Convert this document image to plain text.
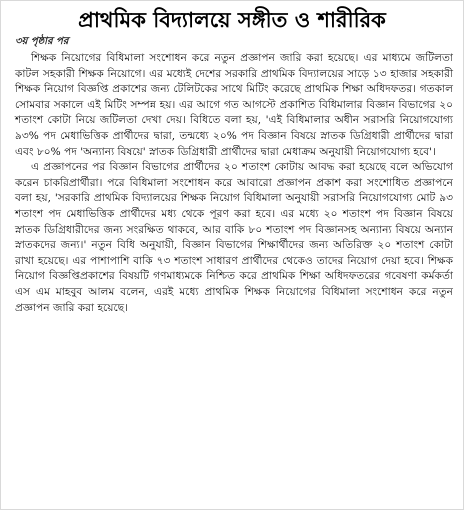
প্রাথমিক বিদ্যালয়ে সঙ্গীত ও শারীরিক
৩য় পৃষ্ঠার পর

শিক্ষক নিয়োগের বিধিমালা সংশোধন করে নতুন প্রজ্ঞাপন জারি করা হয়েছে। এর মাধ্যমে জটিলতা কাটল সহকারী শিক্ষক নিয়োগে। এর মধ্যেই দেশের সরকারি প্রাথমিক বিদ্যালয়ের সাড়ে ১৩ হাজার সহকারী শিক্ষক নিয়োগ বিজ্ঞপ্তি প্রকাশের জন্য টেলিটকের সাথে মিটিং করেছে প্রাথমিক শিক্ষা অধিদফতর। গতকাল সোমবার সকালে এই মিটিং সম্পন্ন হয়। এর আগে গত আগস্টে প্রকাশিত বিধিমালার বিজ্ঞান বিভাগের ২০ শতাংশ কোটা নিয়ে জটিলতা দেখা দেয়। বিধিতে বলা হয়, 'এই বিধিমালার অধীন সরাসরি নিয়োগযোগ্য ৯৩% পদ মেধাভিত্তিক প্রার্থীদের দ্বারা, তন্মধ্যে ২০% পদ বিজ্ঞান বিষয়ে স্নাতক ডিগ্রিধারী প্রার্থীদের দ্বারা এবং ৮০% পদ 'অন্যান্য বিষয়ে' স্নাতক ডিগ্রিধারী প্রার্থীদের দ্বারা মেধাক্রম অনুযায়ী নিয়োগযোগ্য হবে'।

এ প্রজ্ঞাপনের পর বিজ্ঞান বিভাগের প্রার্থীদের ২০ শতাংশ কোটায় আবদ্ধ করা হয়েছে বলে অভিযোগ করেন চাকরিপ্রার্থীরা। পরে বিধিমালা সংশোধন করে আবারো প্রজ্ঞাপন প্রকাশ করা সংশোধিত প্রজ্ঞাপনে বলা হয়, 'সরকারি প্রাথমিক বিদ্যালয়ের শিক্ষক নিয়োগ বিধিমালা অনুযায়ী সরাসরি নিয়োগযোগ্য মোট ৯৩ শতাংশ পদ মেধাভিত্তিক প্রার্থীদের মধ্য থেকে পূরণ করা হবে। এর মধ্যে ২০ শতাংশ পদ বিজ্ঞান বিষয়ে স্নাতক ডিগ্রিধারীদের জন্য সংরক্ষিত থাকবে, আর বাকি ৮০ শতাংশ পদ বিজ্ঞানসহ অন্যান্য বিষয়ে অন্যান স্নাতকদের জন্য।' নতুন বিধি অনুযায়ী, বিজ্ঞান বিভাগের শিক্ষার্থীদের জন্য অতিরিক্ত ২০ শতাংশ কোটা রাখা হয়েছে। এর পাশাপাশি বাকি ৭৩ শতাংশ সাধারণ প্রার্থীদের থেকেও তাদের নিয়োগ দেয়া হবে। শিক্ষক নিয়োগ বিজ্ঞপ্তিপ্রকাশের বিষয়টি গণমাধ্যমকে নিশ্চিত করে প্রাথমিক শিক্ষা অধিদফতরের গবেষণা কর্মকর্তা এস এম মাহবুব আলম বলেন, এরই মধ্যে প্রাথমিক শিক্ষক নিয়োগের বিধিমালা সংশোধন করে নতুন প্রজ্ঞাপন জারি করা হয়েছে।
